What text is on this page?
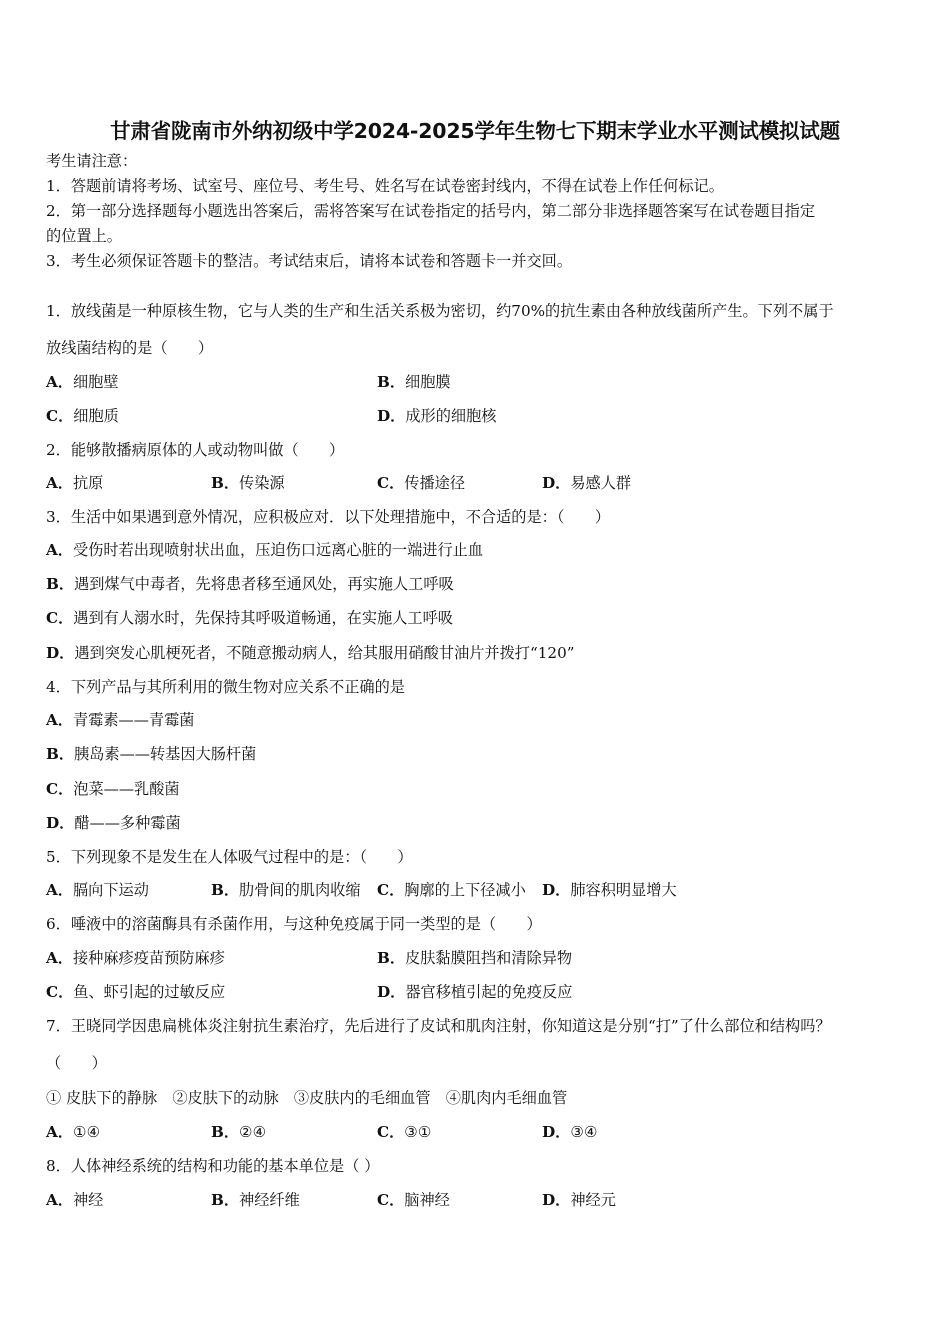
甘肃省陇南市外纳初级中学2024-2025学年生物七下期末学业水平测试模拟试题
考生请注意：
1．答题前请将考场、试室号、座位号、考生号、姓名写在试卷密封线内，不得在试卷上作任何标记。
2．第一部分选择题每小题选出答案后，需将答案写在试卷指定的括号内，第二部分非选择题答案写在试卷题目指定
的位置上。
3．考生必须保证答题卡的整洁。考试结束后，请将本试卷和答题卡一并交回。
1．放线菌是一种原核生物，它与人类的生产和生活关系极为密切，约70%的抗生素由各种放线菌所产生。下列不属于
放线菌结构的是（　　）
A．细胞壁	B．细胞膜
C．细胞质	D．成形的细胞核
2．能够散播病原体的人或动物叫做（　　）
A．抗原	B．传染源	C．传播途径	D．易感人群
3．生活中如果遇到意外情况，应积极应对．以下处理措施中，不合适的是：（　　）
A．受伤时若出现喷射状出血，压迫伤口远离心脏的一端进行止血
B．遇到煤气中毒者，先将患者移至通风处，再实施人工呼吸
C．遇到有人溺水时，先保持其呼吸道畅通，在实施人工呼吸
D．遇到突发心肌梗死者，不随意搬动病人，给其服用硝酸甘油片并拨打“120”
4．下列产品与其所利用的微生物对应关系不正确的是
A．青霉素——青霉菌
B．胰岛素——转基因大肠杆菌
C．泡菜——乳酸菌
D．醋——多种霉菌
5．下列现象不是发生在人体吸气过程中的是：（　　）
A．膈向下运动	B．肋骨间的肌肉收缩 C．胸廓的上下径减小 D．肺容积明显增大
6．唾液中的溶菌酶具有杀菌作用，与这种免疫属于同一类型的是（　　）
A．接种麻疹疫苗预防麻疹	B．皮肤黏膜阻挡和清除异物
C．鱼、虾引起的过敏反应	D．器官移植引起的免疫反应
7．王晓同学因患扁桃体炎注射抗生素治疗，先后进行了皮试和肌肉注射，你知道这是分别“打”了什么部位和结构吗？
（　　）
① 皮肤下的静脉　②皮肤下的动脉　③皮肤内的毛细血管　④肌肉内毛细血管
A．①④	B．②④	C．③①	D．③④
8．人体神经系统的结构和功能的基本单位是（ ）
A．神经	B．神经纤维	C．脑神经	D．神经元
